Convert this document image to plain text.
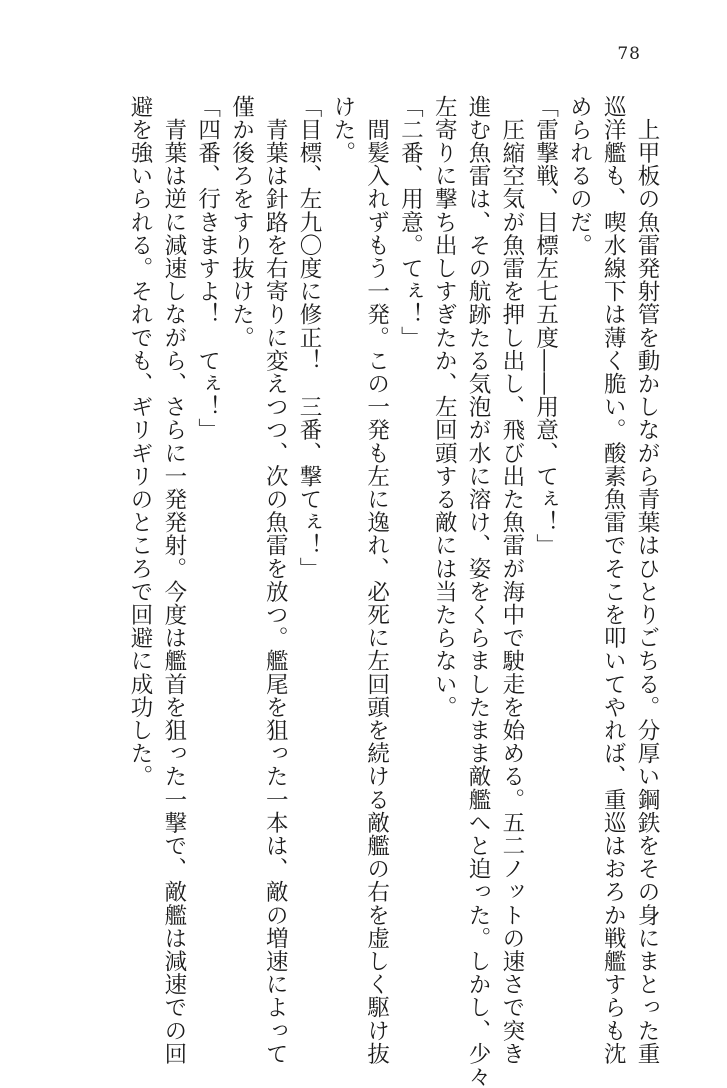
78

　上甲板の魚雷発射管を動かしながら青葉はひとりごちる。分厚い鋼鉄をその身にまとった重

巡洋艦も、喫水線下は薄く脆い。酸素魚雷でそこを叩いてやれば、重巡はおろか戦艦すらも沈

められるのだ。

「雷撃戦、目標左七五度――用意、てぇ！」

　圧縮空気が魚雷を押し出し、飛び出た魚雷が海中で駛走を始める。五二ノットの速さで突き

進む魚雷は、その航跡たる気泡が水に溶け、姿をくらましたまま敵艦へと迫った。しかし、少々

左寄りに撃ち出しすぎたか、左回頭する敵には当たらない。

「二番、用意。てぇ！」

　間髪入れずもう一発。この一発も左に逸れ、必死に左回頭を続ける敵艦の右を虚しく駆け抜

けた。

「目標、左九〇度に修正！　三番、撃てぇ！」

　青葉は針路を右寄りに変えつつ、次の魚雷を放つ。艦尾を狙った一本は、敵の増速によって

僅か後ろをすり抜けた。

「四番、行きますよ！　てぇ！」

　青葉は逆に減速しながら、さらに一発発射。今度は艦首を狙った一撃で、敵艦は減速での回

避を強いられる。それでも、ギリギリのところで回避に成功した。
